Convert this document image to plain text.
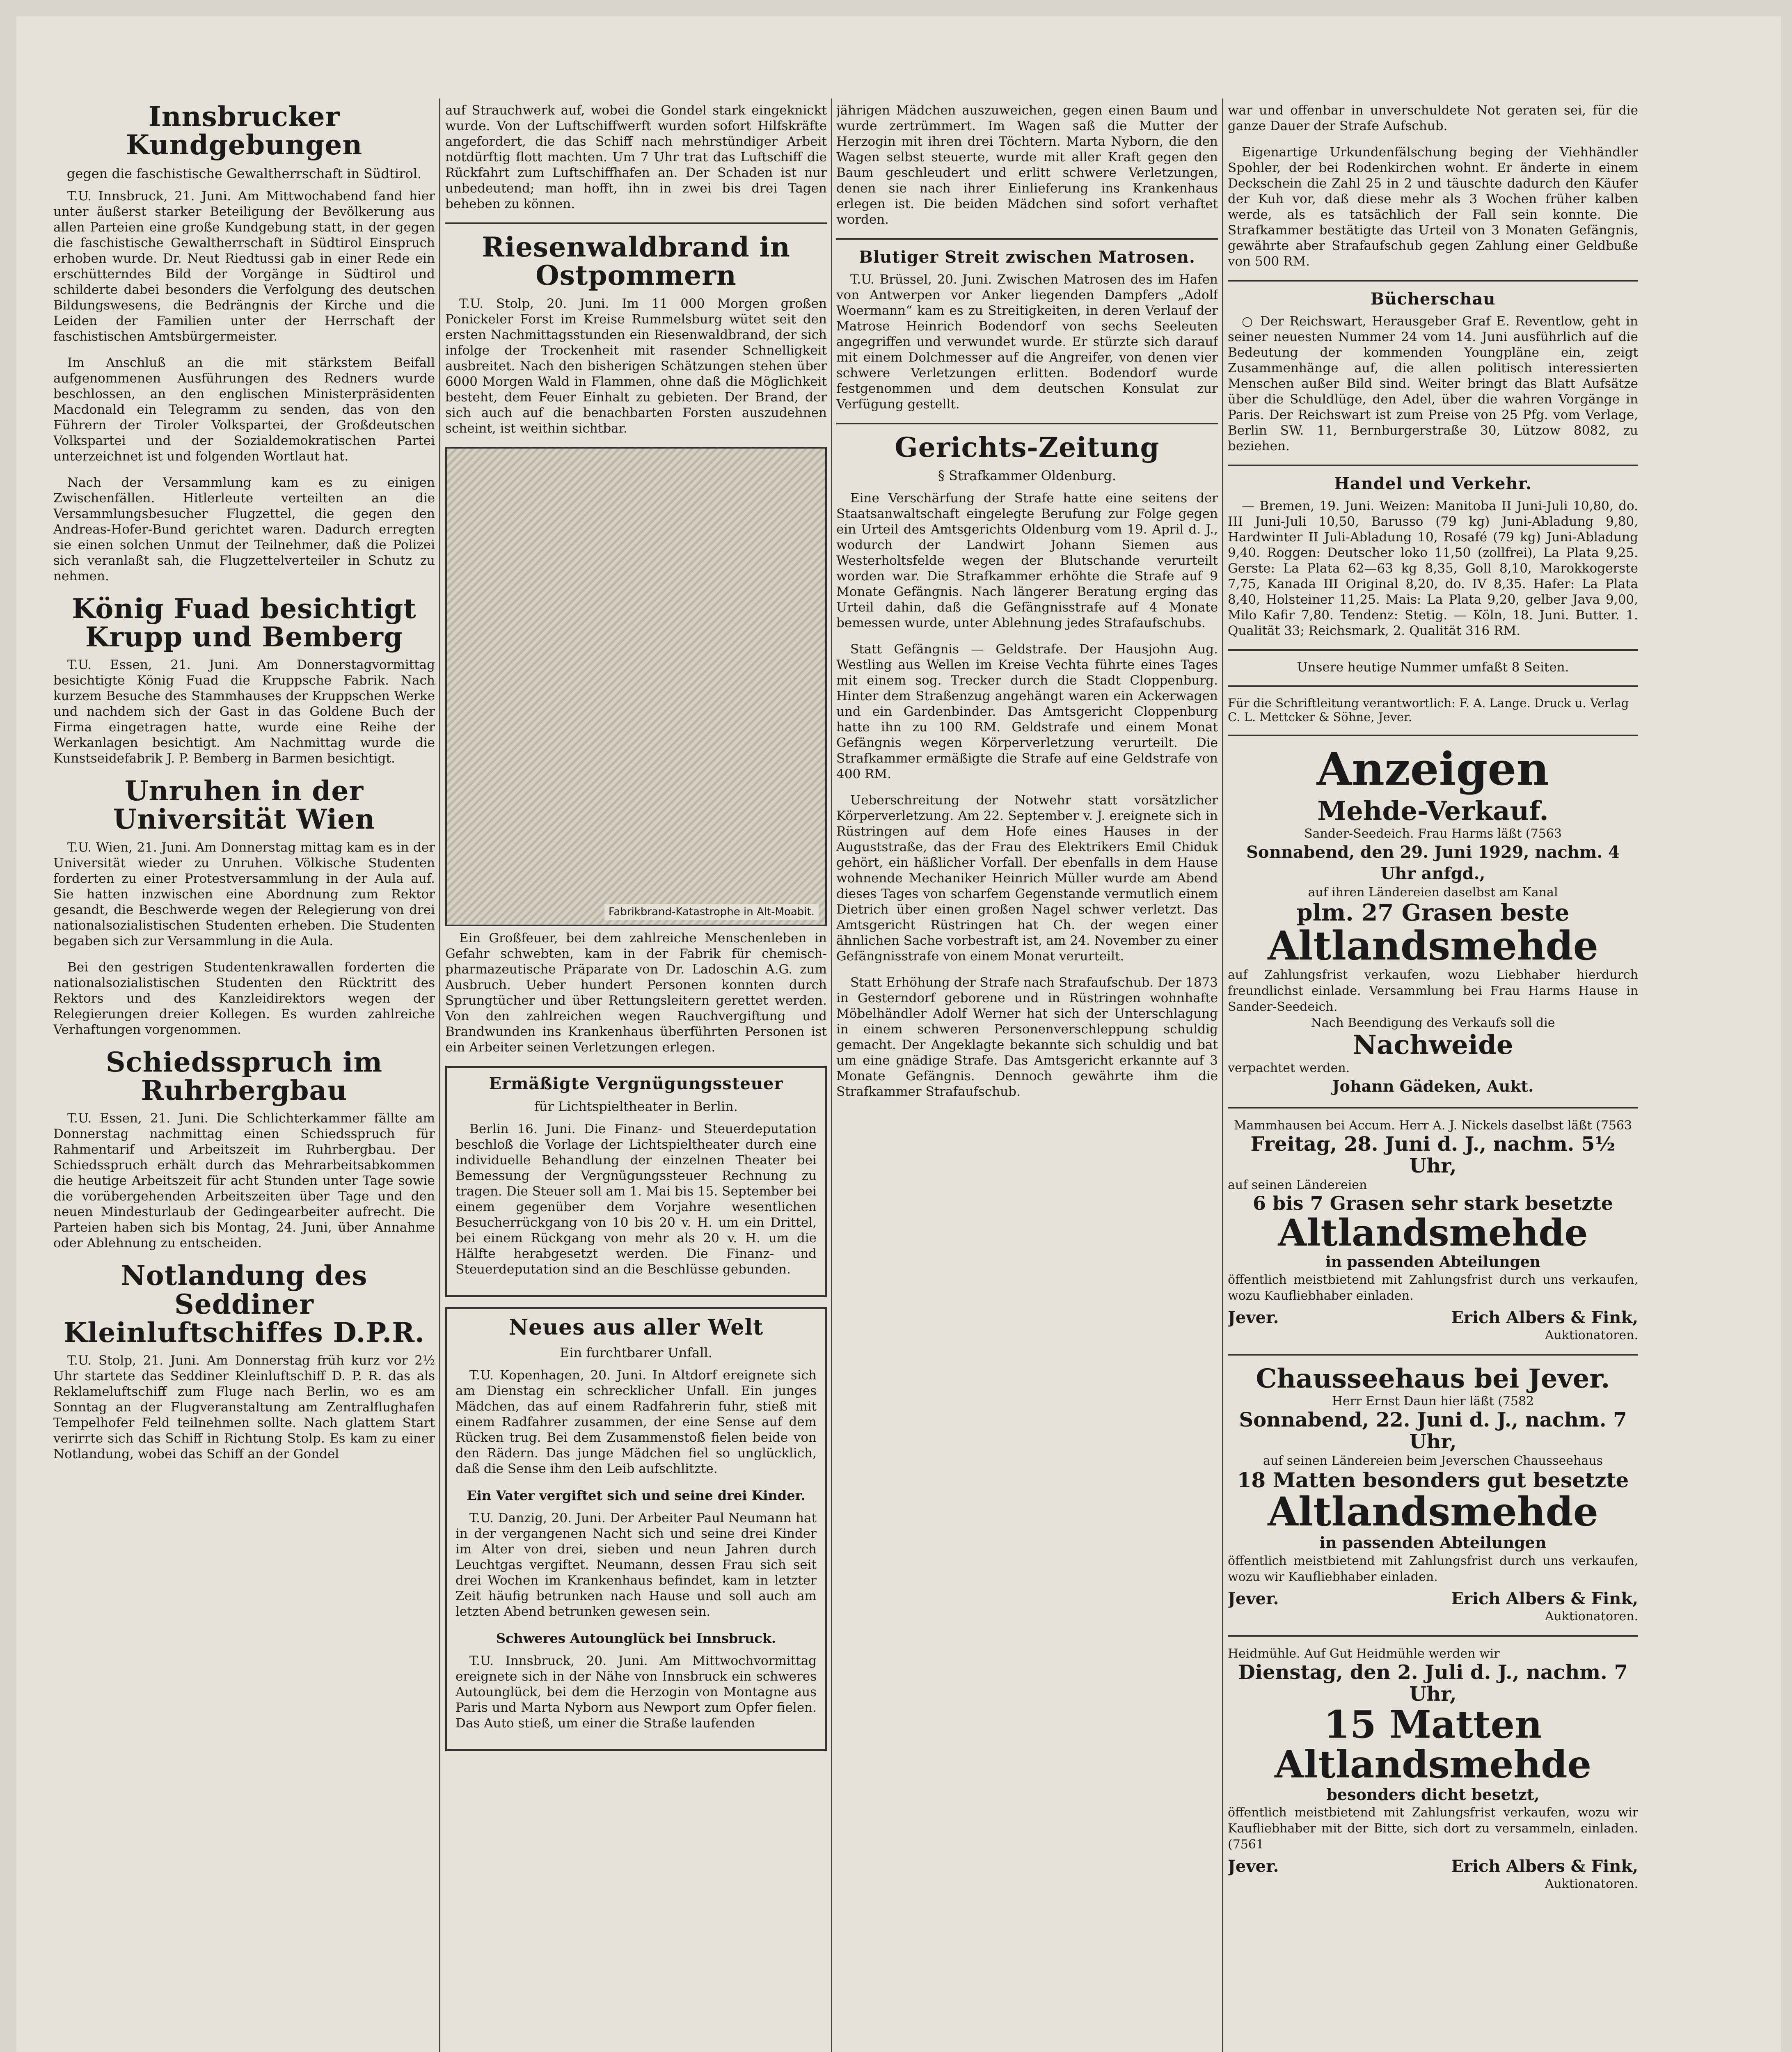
Innsbrucker Kundgebungen
gegen die faschistische Gewaltherrschaft in Südtirol.

T.U. Innsbruck, 21. Juni. Am Mittwochabend fand hier unter äußerst starker Beteiligung der Bevölkerung aus allen Parteien eine große Kundgebung statt, in der gegen die faschistische Gewaltherrschaft in Südtirol Einspruch erhoben wurde. Dr. Neut Riedtussi gab in einer Rede ein erschütterndes Bild der Vorgänge in Südtirol und schilderte dabei besonders die Verfolgung des deutschen Bildungswesens, die Bedrängnis der Kirche und die Leiden der Familien unter der Herrschaft der faschistischen Amtsbürgermeister.

Im Anschluß an die mit stärkstem Beifall aufgenommenen Ausführungen des Redners wurde beschlossen, an den englischen Ministerpräsidenten Macdonald ein Telegramm zu senden, das von den Führern der Tiroler Volkspartei, der Großdeutschen Volkspartei und der Sozialdemokratischen Partei unterzeichnet ist und folgenden Wortlaut hat.

Nach der Versammlung kam es zu einigen Zwischenfällen. Hitlerleute verteilten an die Versammlungsbesucher Flugzettel, die gegen den Andreas-Hofer-Bund gerichtet waren. Dadurch erregten sie einen solchen Unmut der Teilnehmer, daß die Polizei sich veranlaßt sah, die Flugzettelverteiler in Schutz zu nehmen.

König Fuad besichtigt Krupp und Bemberg

T.U. Essen, 21. Juni. Am Donnerstagvormittag besichtigte König Fuad die Kruppsche Fabrik. Nach kurzem Besuche des Stammhauses der Kruppschen Werke und nachdem sich der Gast in das Goldene Buch der Firma eingetragen hatte, wurde eine Reihe der Werkanlagen besichtigt. Am Nachmittag wurde die Kunstseidefabrik J. P. Bemberg in Barmen besichtigt.

Unruhen in der Universität Wien

T.U. Wien, 21. Juni. Am Donnerstag mittag kam es in der Universität wieder zu Unruhen. Völkische Studenten forderten zu einer Protestversammlung in der Aula auf. Sie hatten inzwischen eine Abordnung zum Rektor gesandt, die Beschwerde wegen der Relegierung von drei nationalsozialistischen Studenten erheben. Die Studenten begaben sich zur Versammlung in die Aula.

Bei den gestrigen Studentenkrawallen forderten die nationalsozialistischen Studenten den Rücktritt des Rektors und des Kanzleidirektors wegen der Relegierungen dreier Kollegen. Es wurden zahlreiche Verhaftungen vorgenommen.

Schiedsspruch im Ruhrbergbau

T.U. Essen, 21. Juni. Die Schlichterkammer fällte am Donnerstag nachmittag einen Schiedsspruch für Rahmentarif und Arbeitszeit im Ruhrbergbau. Der Schiedsspruch erhält durch das Mehrarbeitsabkommen die heutige Arbeitszeit für acht Stunden unter Tage sowie die vorübergehenden Arbeitszeiten über Tage und den neuen Mindesturlaub der Gedingearbeiter aufrecht. Die Parteien haben sich bis Montag, 24. Juni, über Annahme oder Ablehnung zu entscheiden.

Notlandung des Seddiner Kleinluftschiffes D.P.R.

T.U. Stolp, 21. Juni. Am Donnerstag früh kurz vor 2½ Uhr startete das Seddiner Kleinluftschiff D. P. R. das als Reklameluftschiff zum Fluge nach Berlin, wo es am Sonntag an der Flugveranstaltung am Zentralflughafen Tempelhofer Feld teilnehmen sollte. Nach glattem Start verirrte sich das Schiff in Richtung Stolp. Es kam zu einer Notlandung, wobei das Schiff an der Gondel

auf Strauchwerk auf, wobei die Gondel stark eingeknickt wurde. Von der Luftschiffwerft wurden sofort Hilfskräfte angefordert, die das Schiff nach mehrstündiger Arbeit notdürftig flott machten. Um 7 Uhr trat das Luftschiff die Rückfahrt zum Luftschiffhafen an. Der Schaden ist nur unbedeutend; man hofft, ihn in zwei bis drei Tagen beheben zu können.

Riesenwaldbrand in Ostpommern

T.U. Stolp, 20. Juni. Im 11 000 Morgen großen Ponickeler Forst im Kreise Rummelsburg wütet seit den ersten Nachmittagsstunden ein Riesenwaldbrand, der sich infolge der Trockenheit mit rasender Schnelligkeit ausbreitet. Nach den bisherigen Schätzungen stehen über 6000 Morgen Wald in Flammen, ohne daß die Möglichkeit besteht, dem Feuer Einhalt zu gebieten. Der Brand, der sich auch auf die benachbarten Forsten auszudehnen scheint, ist weithin sichtbar.

Fabrikbrand-Katastrophe in Alt-Moabit.

Ein Großfeuer, bei dem zahlreiche Menschenleben in Gefahr schwebten, kam in der Fabrik für chemisch-pharmazeutische Präparate von Dr. Ladoschin A.G. zum Ausbruch. Ueber hundert Personen konnten durch Sprungtücher und über Rettungsleitern gerettet werden. Von den zahlreichen wegen Rauchvergiftung und Brandwunden ins Krankenhaus überführten Personen ist ein Arbeiter seinen Verletzungen erlegen.

Ermäßigte Vergnügungssteuer
für Lichtspieltheater in Berlin.

Berlin 16. Juni. Die Finanz- und Steuerdeputation beschloß die Vorlage der Lichtspieltheater durch eine individuelle Behandlung der einzelnen Theater bei Bemessung der Vergnügungssteuer Rechnung zu tragen. Die Steuer soll am 1. Mai bis 15. September bei einem gegenüber dem Vorjahre wesentlichen Besucherrückgang von 10 bis 20 v. H. um ein Drittel, bei einem Rückgang von mehr als 20 v. H. um die Hälfte herabgesetzt werden. Die Finanz- und Steuerdeputation sind an die Beschlüsse gebunden.

Neues aus aller Welt
Ein furchtbarer Unfall.

T.U. Kopenhagen, 20. Juni. In Altdorf ereignete sich am Dienstag ein schrecklicher Unfall. Ein junges Mädchen, das auf einem Radfahrerin fuhr, stieß mit einem Radfahrer zusammen, der eine Sense auf dem Rücken trug. Bei dem Zusammenstoß fielen beide von den Rädern. Das junge Mädchen fiel so unglücklich, daß die Sense ihm den Leib aufschlitzte.

Ein Vater vergiftet sich und seine drei Kinder.

T.U. Danzig, 20. Juni. Der Arbeiter Paul Neumann hat in der vergangenen Nacht sich und seine drei Kinder im Alter von drei, sieben und neun Jahren durch Leuchtgas vergiftet. Neumann, dessen Frau sich seit drei Wochen im Krankenhaus befindet, kam in letzter Zeit häufig betrunken nach Hause und soll auch am letzten Abend betrunken gewesen sein.

Schweres Autounglück bei Innsbruck.

T.U. Innsbruck, 20. Juni. Am Mittwochvormittag ereignete sich in der Nähe von Innsbruck ein schweres Autounglück, bei dem die Herzogin von Montagne aus Paris und Marta Nyborn aus Newport zum Opfer fielen. Das Auto stieß, um einer die Straße laufenden

jährigen Mädchen auszuweichen, gegen einen Baum und wurde zertrümmert. Im Wagen saß die Mutter der Herzogin mit ihren drei Töchtern. Marta Nyborn, die den Wagen selbst steuerte, wurde mit aller Kraft gegen den Baum geschleudert und erlitt schwere Verletzungen, denen sie nach ihrer Einlieferung ins Krankenhaus erlegen ist. Die beiden Mädchen sind sofort verhaftet worden.

Blutiger Streit zwischen Matrosen.

T.U. Brüssel, 20. Juni. Zwischen Matrosen des im Hafen von Antwerpen vor Anker liegenden Dampfers „Adolf Woermann“ kam es zu Streitigkeiten, in deren Verlauf der Matrose Heinrich Bodendorf von sechs Seeleuten angegriffen und verwundet wurde. Er stürzte sich darauf mit einem Dolchmesser auf die Angreifer, von denen vier schwere Verletzungen erlitten. Bodendorf wurde festgenommen und dem deutschen Konsulat zur Verfügung gestellt.

Gerichts-Zeitung
§ Strafkammer Oldenburg.

Eine Verschärfung der Strafe hatte eine seitens der Staatsanwaltschaft eingelegte Berufung zur Folge gegen ein Urteil des Amtsgerichts Oldenburg vom 19. April d. J., wodurch der Landwirt Johann Siemen aus Westerholtsfelde wegen der Blutschande verurteilt worden war. Die Strafkammer erhöhte die Strafe auf 9 Monate Gefängnis. Nach längerer Beratung erging das Urteil dahin, daß die Gefängnisstrafe auf 4 Monate bemessen wurde, unter Ablehnung jedes Strafaufschubs.

Statt Gefängnis — Geldstrafe. Der Hausjohn Aug. Westling aus Wellen im Kreise Vechta führte eines Tages mit einem sog. Trecker durch die Stadt Cloppenburg. Hinter dem Straßenzug angehängt waren ein Ackerwagen und ein Gardenbinder. Das Amtsgericht Cloppenburg hatte ihn zu 100 RM. Geldstrafe und einem Monat Gefängnis wegen Körperverletzung verurteilt. Die Strafkammer ermäßigte die Strafe auf eine Geldstrafe von 400 RM.

Ueberschreitung der Notwehr statt vorsätzlicher Körperverletzung. Am 22. September v. J. ereignete sich in Rüstringen auf dem Hofe eines Hauses in der Auguststraße, das der Frau des Elektrikers Emil Chiduk gehört, ein häßlicher Vorfall. Der ebenfalls in dem Hause wohnende Mechaniker Heinrich Müller wurde am Abend dieses Tages von scharfem Gegenstande vermutlich einem Dietrich über einen großen Nagel schwer verletzt. Das Amtsgericht Rüstringen hat Ch. der wegen einer ähnlichen Sache vorbestraft ist, am 24. November zu einer Gefängnisstrafe von einem Monat verurteilt.

Statt Erhöhung der Strafe nach Strafaufschub. Der 1873 in Gesterndorf geborene und in Rüstringen wohnhafte Möbelhändler Adolf Werner hat sich der Unterschlagung in einem schweren Personenverschleppung schuldig gemacht. Der Angeklagte bekannte sich schuldig und bat um eine gnädige Strafe. Das Amtsgericht erkannte auf 3 Monate Gefängnis. Dennoch gewährte ihm die Strafkammer Strafaufschub.

war und offenbar in unverschuldete Not geraten sei, für die ganze Dauer der Strafe Aufschub.

Eigenartige Urkundenfälschung beging der Viehhändler Spohler, der bei Rodenkirchen wohnt. Er änderte in einem Deckschein die Zahl 25 in 2 und täuschte dadurch den Käufer der Kuh vor, daß diese mehr als 3 Wochen früher kalben werde, als es tatsächlich der Fall sein konnte. Die Strafkammer bestätigte das Urteil von 3 Monaten Gefängnis, gewährte aber Strafaufschub gegen Zahlung einer Geldbuße von 500 RM.

Bücherschau

○ Der Reichswart, Herausgeber Graf E. Reventlow, geht in seiner neuesten Nummer 24 vom 14. Juni ausführlich auf die Bedeutung der kommenden Youngpläne ein, zeigt Zusammenhänge auf, die allen politisch interessierten Menschen außer Bild sind. Weiter bringt das Blatt Aufsätze über die Schuldlüge, den Adel, über die wahren Vorgänge in Paris. Der Reichswart ist zum Preise von 25 Pfg. vom Verlage, Berlin SW. 11, Bernburgerstraße 30, Lützow 8082, zu beziehen.

Handel und Verkehr.

— Bremen, 19. Juni. Weizen: Manitoba II Juni-Juli 10,80, do. III Juni-Juli 10,50, Barusso (79 kg) Juni-Abladung 9,80, Hardwinter II Juli-Abladung 10, Rosafé (79 kg) Juni-Abladung 9,40. Roggen: Deutscher loko 11,50 (zollfrei), La Plata 9,25. Gerste: La Plata 62—63 kg 8,35, Goll 8,10, Marokkogerste 7,75, Kanada III Original 8,20, do. IV 8,35. Hafer: La Plata 8,40, Holsteiner 11,25. Mais: La Plata 9,20, gelber Java 9,00, Milo Kafir 7,80. Tendenz: Stetig. — Köln, 18. Juni. Butter. 1. Qualität 33; Reichsmark, 2. Qualität 316 RM.

Unsere heutige Nummer umfaßt 8 Seiten.
Für die Schriftleitung verantwortlich: F. A. Lange. Druck u. Verlag C. L. Mettcker & Söhne, Jever.
Anzeigen
Mehde-Verkauf.
Sander-Seedeich. Frau Harms läßt (7563
Sonnabend, den 29. Juni 1929, nachm. 4 Uhr anfgd.,
auf ihren Ländereien daselbst am Kanal
plm. 27 Grasen beste
Altlandsmehde
auf Zahlungsfrist verkaufen, wozu Liebhaber hierdurch freundlichst einlade. Versammlung bei Frau Harms Hause in Sander-Seedeich.
Nach Beendigung des Verkaufs soll die
Nachweide
verpachtet werden.
Johann Gädeken, Aukt.
Mammhausen bei Accum. Herr A. J. Nickels daselbst läßt (7563
Freitag, 28. Juni d. J., nachm. 5½ Uhr,
auf seinen Ländereien
6 bis 7 Grasen sehr stark besetzte
Altlandsmehde
in passenden Abteilungen
öffentlich meistbietend mit Zahlungsfrist durch uns verkaufen, wozu Kaufliebhaber einladen.
Jever.	Erich Albers & Fink,
Auktionatoren.
Chausseehaus bei Jever.
Herr Ernst Daun hier läßt (7582
Sonnabend, 22. Juni d. J., nachm. 7 Uhr,
auf seinen Ländereien beim Jeverschen Chausseehaus
18 Matten besonders gut besetzte
Altlandsmehde
in passenden Abteilungen
öffentlich meistbietend mit Zahlungsfrist durch uns verkaufen, wozu wir Kaufliebhaber einladen.
Jever.	Erich Albers & Fink,
Auktionatoren.
Heidmühle. Auf Gut Heidmühle werden wir
Dienstag, den 2. Juli d. J., nachm. 7 Uhr,
15 Matten Altlandsmehde
besonders dicht besetzt,
öffentlich meistbietend mit Zahlungsfrist verkaufen, wozu wir Kaufliebhaber mit der Bitte, sich dort zu versammeln, einladen. (7561
Jever.	Erich Albers & Fink,
Auktionatoren.
